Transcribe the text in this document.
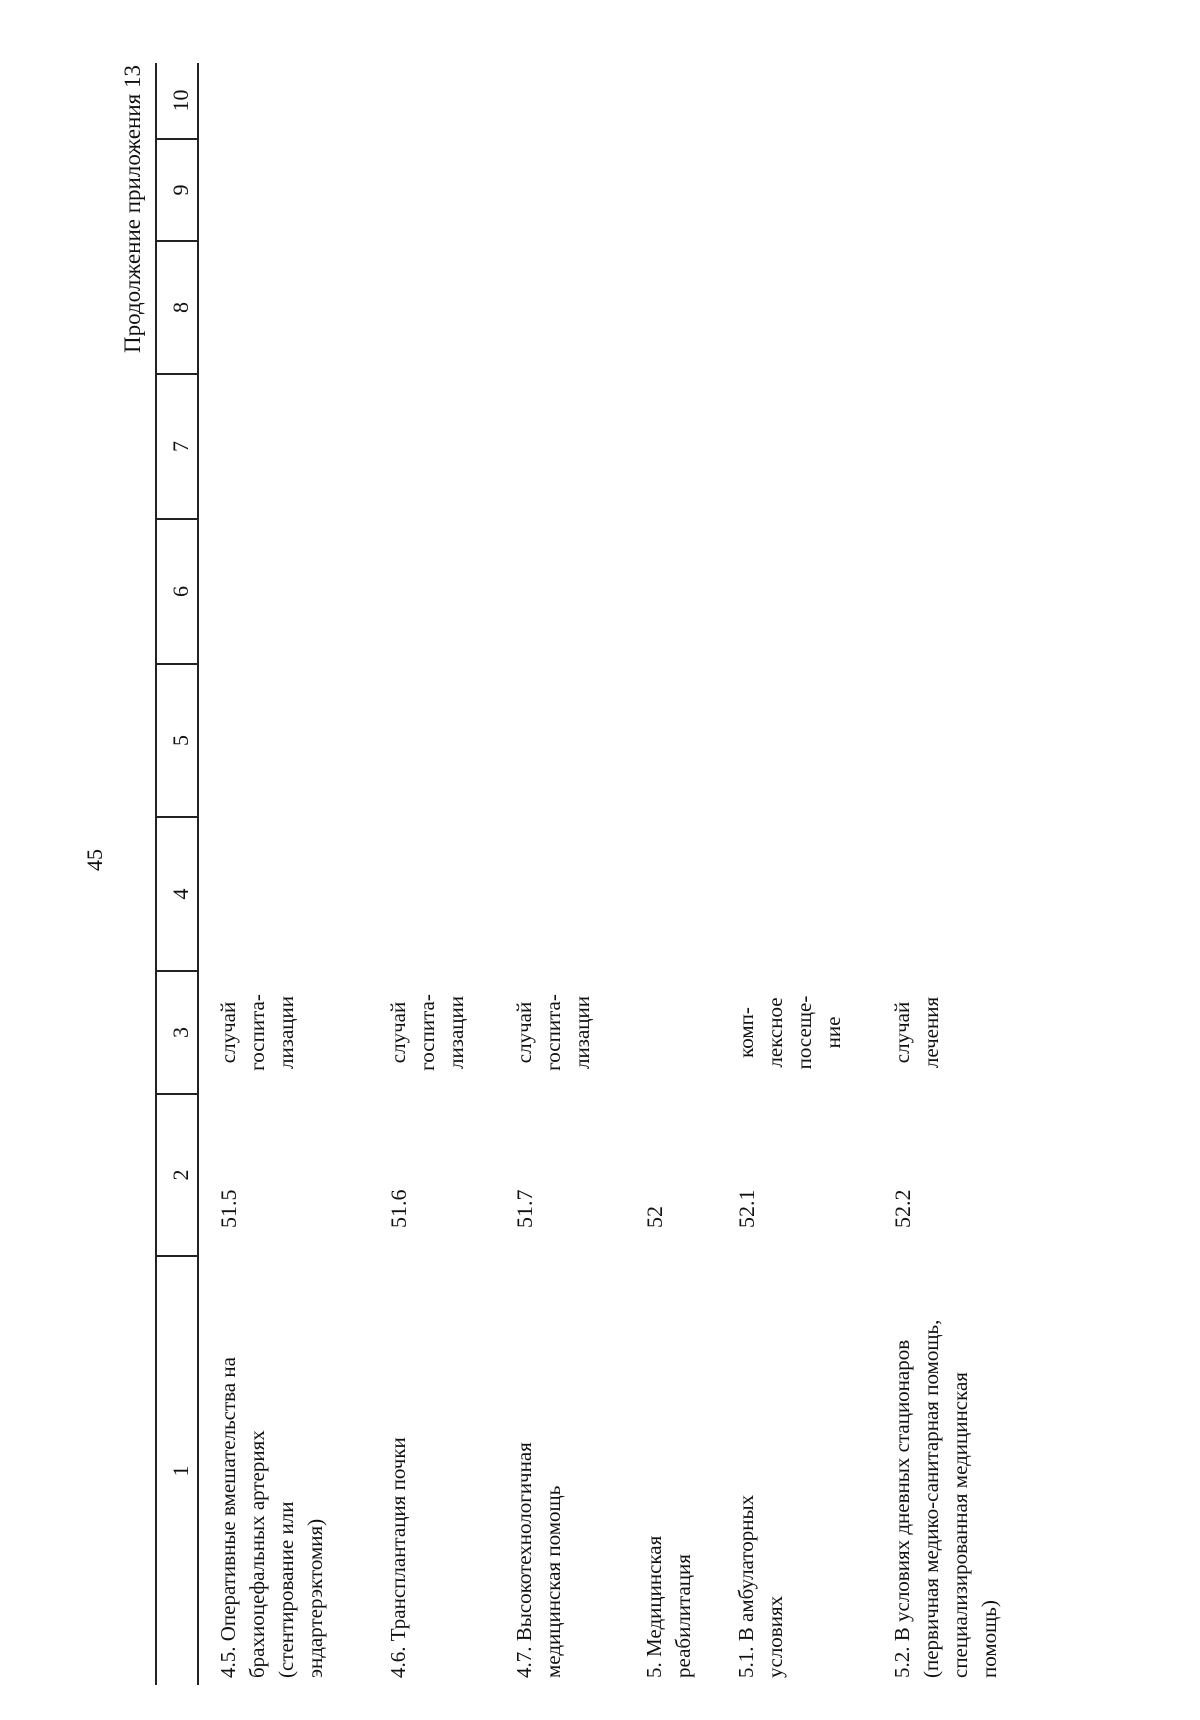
45
Продолжение приложения 13
1
2
3
4
5
6
7
8
9
10
4.5. Оперативные вмешательства на брахиоцефальных артериях (стентирование или эндартерэктомия)
51.5
случай госпита-лизации
4.6. Трансплантация почки
51.6
случай госпита-лизации
4.7. Высокотехнологичная медицинская помощь
51.7
случай госпита-лизации
5. Медицинская реабилитация
52
5.1. В амбулаторных условиях
52.1
комп-лексное посеще-ние
5.2. В условиях дневных стационаров (первичная медико-санитарная помощь, специализированная медицинская помощь)
52.2
случай лечения
